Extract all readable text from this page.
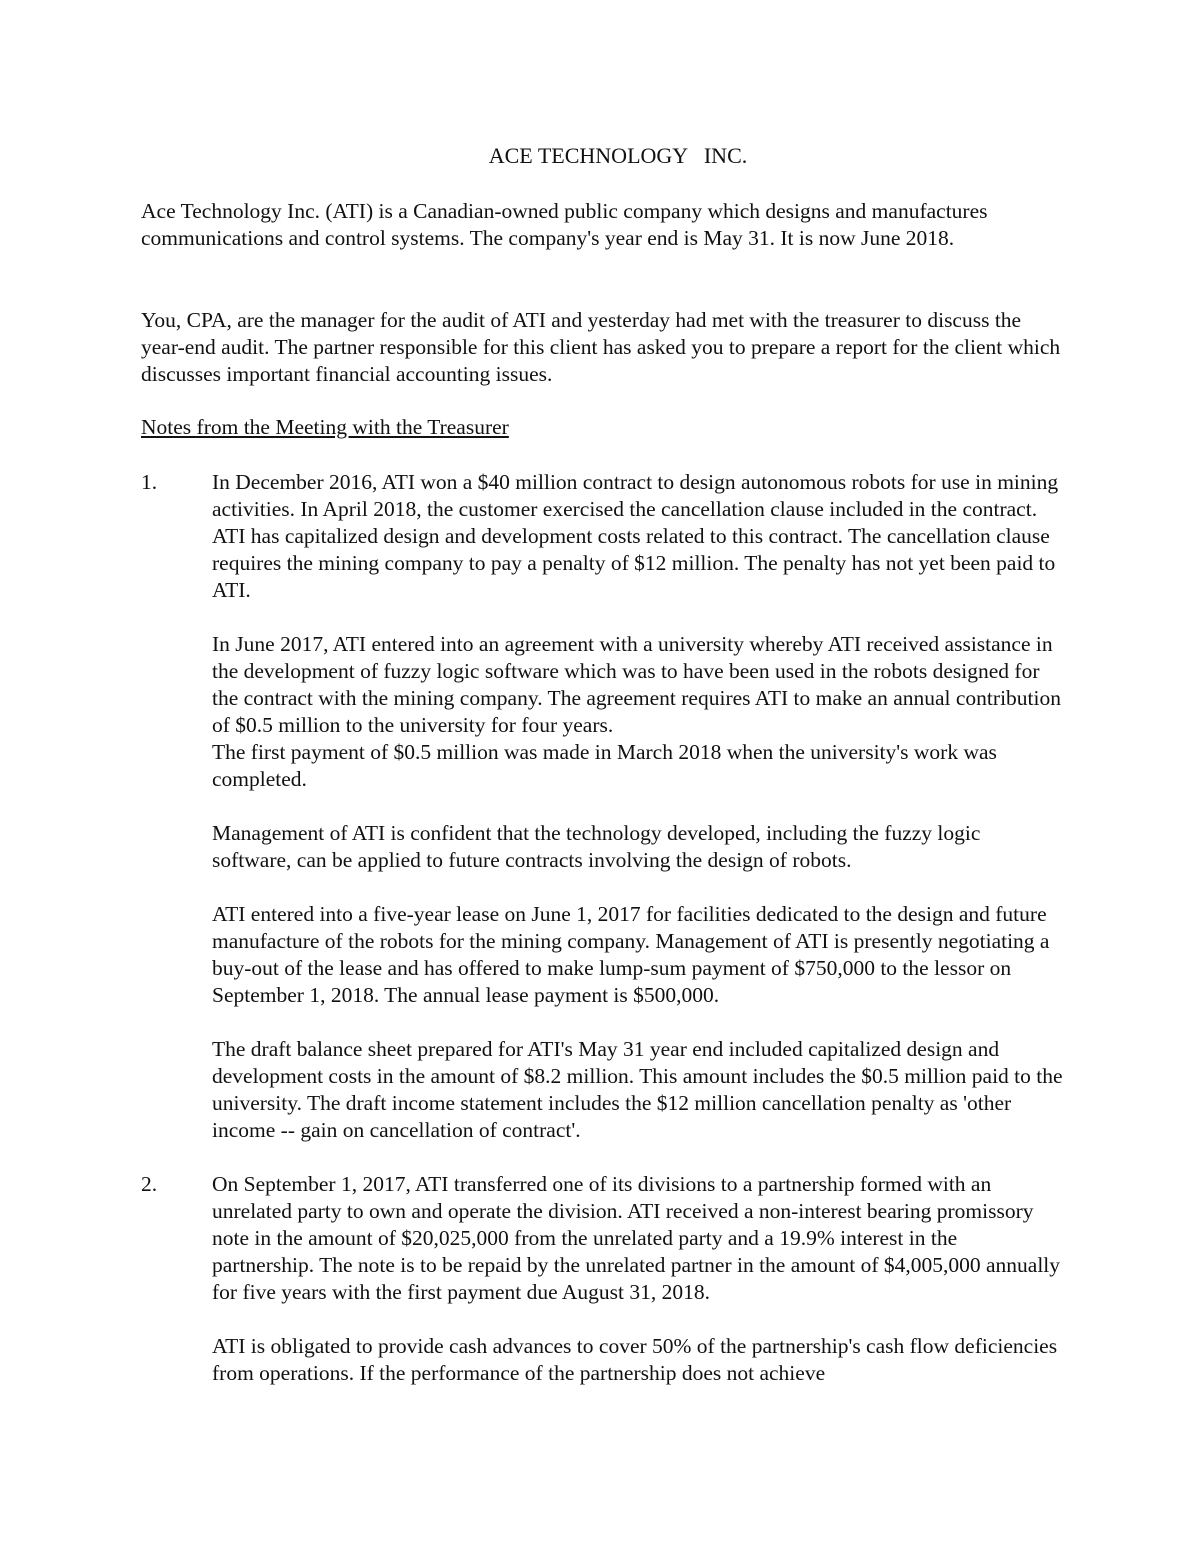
ACE TECHNOLOGY   INC.

Ace Technology Inc. (ATI) is a Canadian-owned public company which designs and manufactures communications and control systems. The company's year end is May 31. It is now June 2018.

You, CPA, are the manager for the audit of ATI and yesterday had met with the treasurer to discuss the year-end audit. The partner responsible for this client has asked you to prepare a report for the client which discusses important financial accounting issues.

Notes from the Meeting with the Treasurer
1.	In December 2016, ATI won a $40 million contract to design autonomous robots for use in mining activities. In April 2018, the customer exercised the cancellation clause included in the contract. ATI has capitalized design and development costs related to this contract. The cancellation clause requires the mining company to pay a penalty of $12 million. The penalty has not yet been paid to ATI.

In June 2017, ATI entered into an agreement with a university whereby ATI received assistance in the development of fuzzy logic software which was to have been used in the robots designed for the contract with the mining company. The agreement requires ATI to make an annual contribution of $0.5 million to the university for four years.

The first payment of $0.5 million was made in March 2018 when the university's work was completed.

Management of ATI is confident that the technology developed, including the fuzzy logic software, can be applied to future contracts involving the design of robots.

ATI entered into a five-year lease on June 1, 2017 for facilities dedicated to the design and future manufacture of the robots for the mining company. Management of ATI is presently negotiating a buy-out of the lease and has offered to make lump-sum payment of $750,000 to the lessor on September 1, 2018. The annual lease payment is $500,000.

The draft balance sheet prepared for ATI's May 31 year end included capitalized design and development costs in the amount of $8.2 million. This amount includes the $0.5 million paid to the university. The draft income statement includes the $12 million cancellation penalty as 'other income -- gain on cancellation of contract'.

2.	On September 1, 2017, ATI transferred one of its divisions to a partnership formed with an unrelated party to own and operate the division. ATI received a non-interest bearing promissory note in the amount of $20,025,000 from the unrelated party and a 19.9% interest in the partnership. The note is to be repaid by the unrelated partner in the amount of $4,005,000 annually for five years with the first payment due August 31, 2018.

ATI is obligated to provide cash advances to cover 50% of the partnership's cash flow deficiencies from operations. If the performance of the partnership does not achieve
